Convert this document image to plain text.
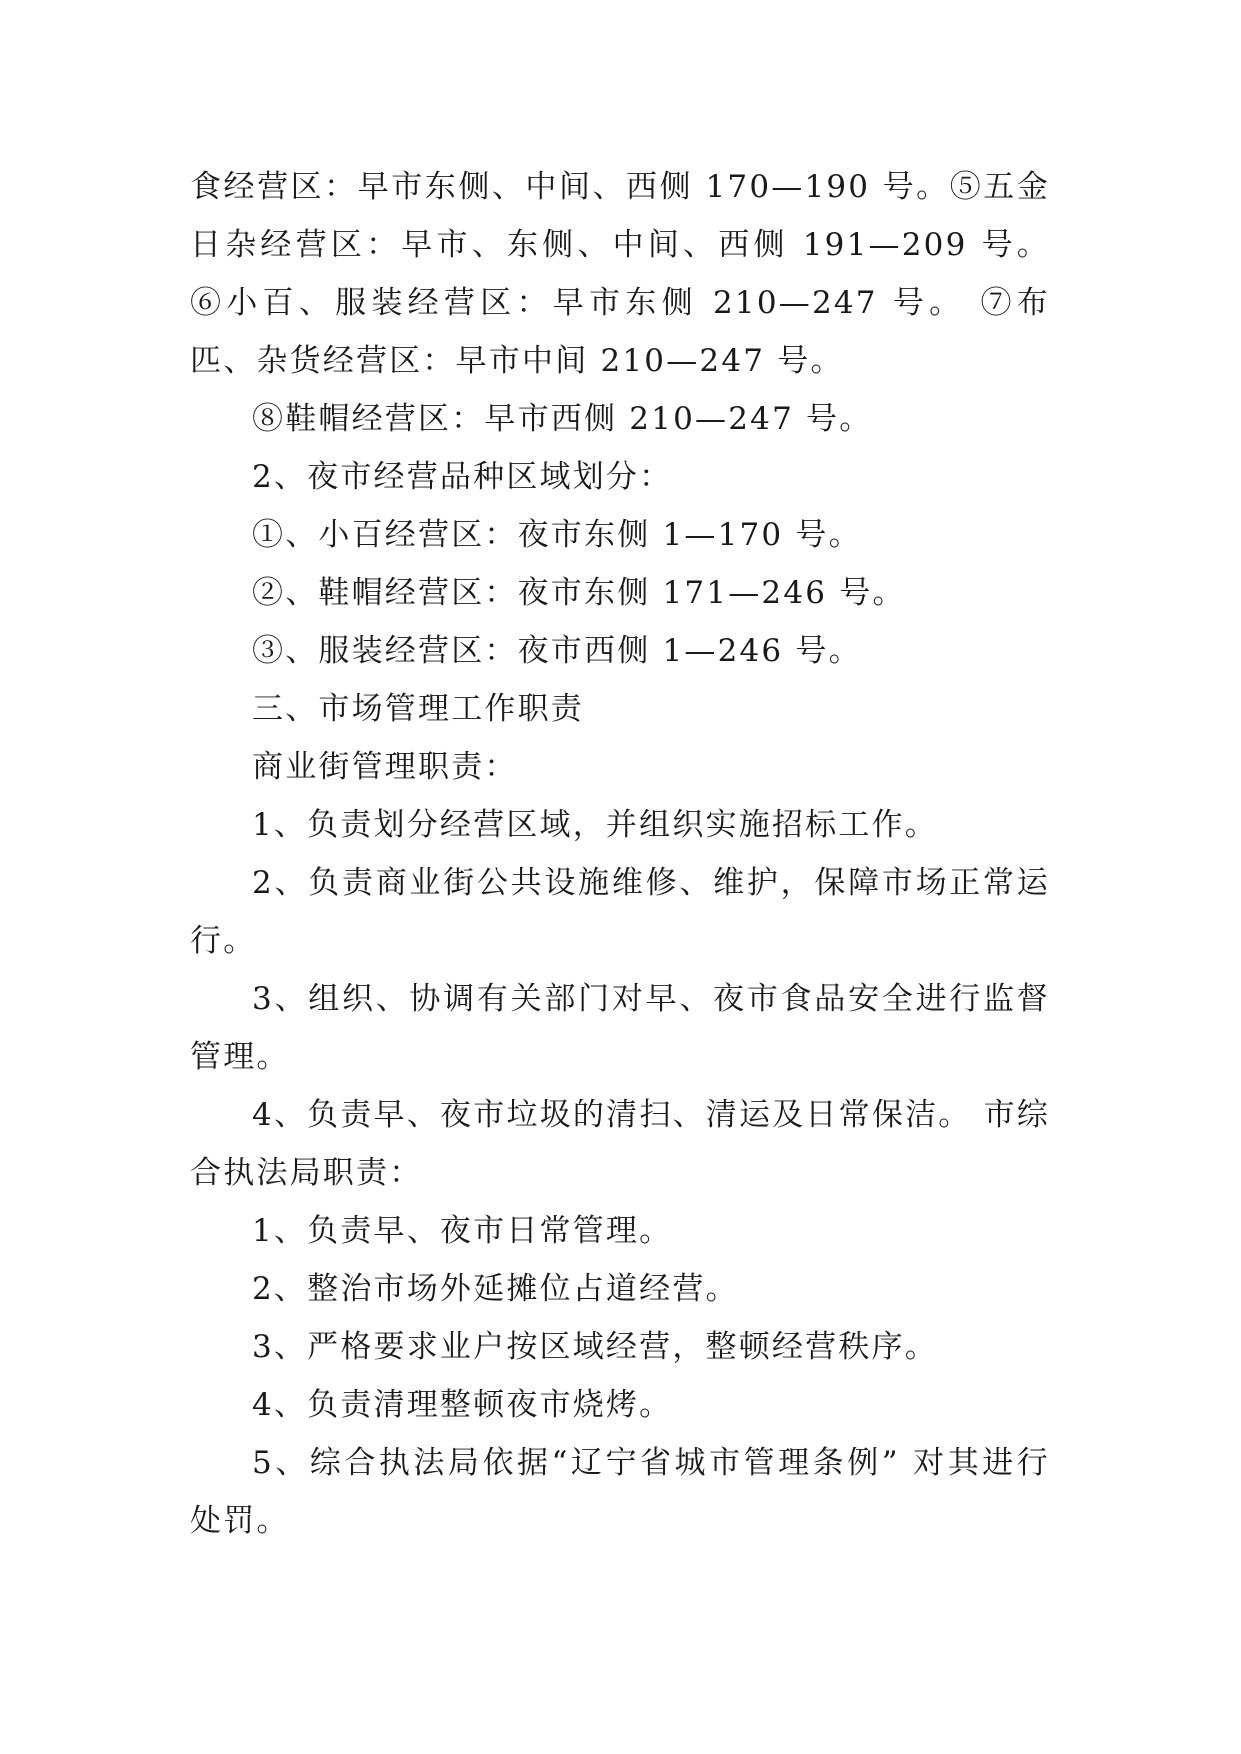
食经营区：早市东侧、中间、西侧 170—190 号。⑤五金日杂经营区：早市、东侧、中间、西侧 191—209 号。 ⑥小百、服装经营区：早市东侧 210—247 号。 ⑦布匹、杂货经营区：早市中间 210—247 号。

⑧鞋帽经营区：早市西侧 210—247 号。

2、夜市经营品种区域划分：

①、小百经营区：夜市东侧 1—170 号。

②、鞋帽经营区：夜市东侧 171—246 号。

③、服装经营区：夜市西侧 1—246 号。

三、市场管理工作职责

商业街管理职责：

1、负责划分经营区域，并组织实施招标工作。

2、负责商业街公共设施维修、维护，保障市场正常运行。

3、组织、协调有关部门对早、夜市食品安全进行监督管理。

4、负责早、夜市垃圾的清扫、清运及日常保洁。 市综合执法局职责：

1、负责早、夜市日常管理。

2、整治市场外延摊位占道经营。

3、严格要求业户按区域经营，整顿经营秩序。

4、负责清理整顿夜市烧烤。

5、综合执法局依据“辽宁省城市管理条例” 对其进行处罚。
